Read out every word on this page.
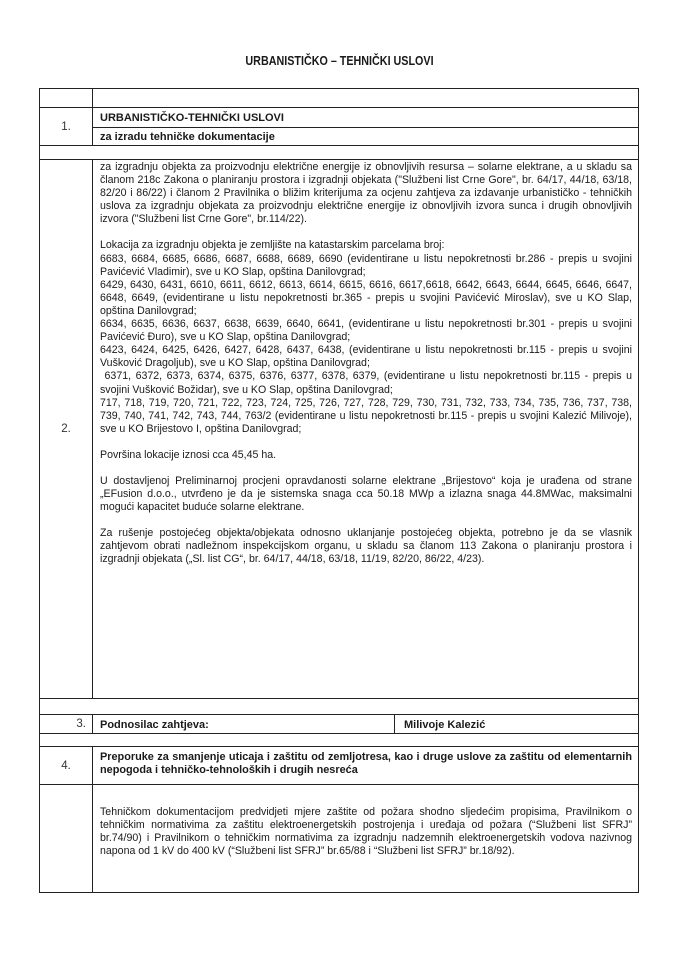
URBANISTIČKO – TEHNIČKI USLOVI
1.
URBANISTIČKO-TEHNIČKI USLOVI
za izradu tehničke dokumentacije
2.

za izgradnju objekta za proizvodnju električne energije iz obnovljivih resursa – solarne elektrane, a u skladu sa članom 218c Zakona o planiranju prostora i izgradnji objekata ("Službeni list Crne Gore", br. 64/17, 44/18, 63/18, 82/20 i 86/22) i članom 2 Pravilnika o bližim kriterijuma za ocjenu zahtjeva za izdavanje urbanističko - tehničkih uslova za izgradnju objekata za proizvodnju električne energije iz obnovljivih izvora sunca i drugih obnovljivih izvora ("Službeni list Crne Gore", br.114/22).

Lokacija za izgradnju objekta je zemljište na katastarskim parcelama broj:

6683, 6684, 6685, 6686, 6687, 6688, 6689, 6690 (evidentirane u listu nepokretnosti br.286 - prepis u svojini Pavićević Vladimir), sve u KO Slap, opština Danilovgrad;

6429, 6430, 6431, 6610, 6611, 6612, 6613, 6614, 6615, 6616, 6617,6618, 6642, 6643, 6644, 6645, 6646, 6647, 6648, 6649, (evidentirane u listu nepokretnosti br.365 - prepis u svojini Pavićević Miroslav), sve u KO Slap, opština Danilovgrad;

6634, 6635, 6636, 6637, 6638, 6639, 6640, 6641, (evidentirane u listu nepokretnosti br.301 - prepis u svojini Pavićević Đuro), sve u KO Slap, opština Danilovgrad;

6423, 6424, 6425, 6426, 6427, 6428, 6437, 6438, (evidentirane u listu nepokretnosti br.115 - prepis u svojini Vušković Dragoljub), sve u KO Slap, opština Danilovgrad;

6371, 6372, 6373, 6374, 6375, 6376, 6377, 6378, 6379, (evidentirane u listu nepokretnosti br.115 - prepis u svojini Vušković Božidar), sve u KO Slap, opština Danilovgrad;

717, 718, 719, 720, 721, 722, 723, 724, 725, 726, 727, 728, 729, 730, 731, 732, 733, 734, 735, 736, 737, 738, 739, 740, 741, 742, 743, 744, 763/2 (evidentirane u listu nepokretnosti br.115 - prepis u svojini Kalezić Milivoje), sve u KO Brijestovo I, opština Danilovgrad;

Površina lokacije iznosi cca 45,45 ha.

U dostavljenoj Preliminarnoj procjeni opravdanosti solarne elektrane „Brijestovo“ koja je urađena od strane „EFusion d.o.o., utvrđeno je da je sistemska snaga cca 50.18 MWp a izlazna snaga 44.8MWac, maksimalni mogući kapacitet buduće solarne elektrane.

Za rušenje postojećeg objekta/objekata odnosno uklanjanje postojećeg objekta, potrebno je da se vlasnik zahtjevom obrati nadležnom inspekcijskom organu, u skladu sa članom 113 Zakona o planiranju prostora i izgradnji objekata („Sl. list CG“, br. 64/17, 44/18, 63/18, 11/19, 82/20, 86/22, 4/23).

3.	Podnosilac zahtjeva:	Milivoje Kalezić
4.
Preporuke za smanjenje uticaja i zaštitu od zemljotresa, kao i druge uslove za zaštitu od elementarnih nepogoda i tehničko-tehnoloških i drugih nesreća

Tehničkom dokumentacijom predvidjeti mjere zaštite od požara shodno sljedećim propisima, Pravilnikom o tehničkim normativima za zaštitu elektroenergetskih postrojenja i uređaja od požara (“Službeni list SFRJ” br.74/90) i Pravilnikom o tehničkim normativima za izgradnju nadzemnih elektroenergetskih vodova nazivnog napona od 1 kV do 400 kV (“Službeni list SFRJ” br.65/88 i “Službeni list SFRJ” br.18/92).
